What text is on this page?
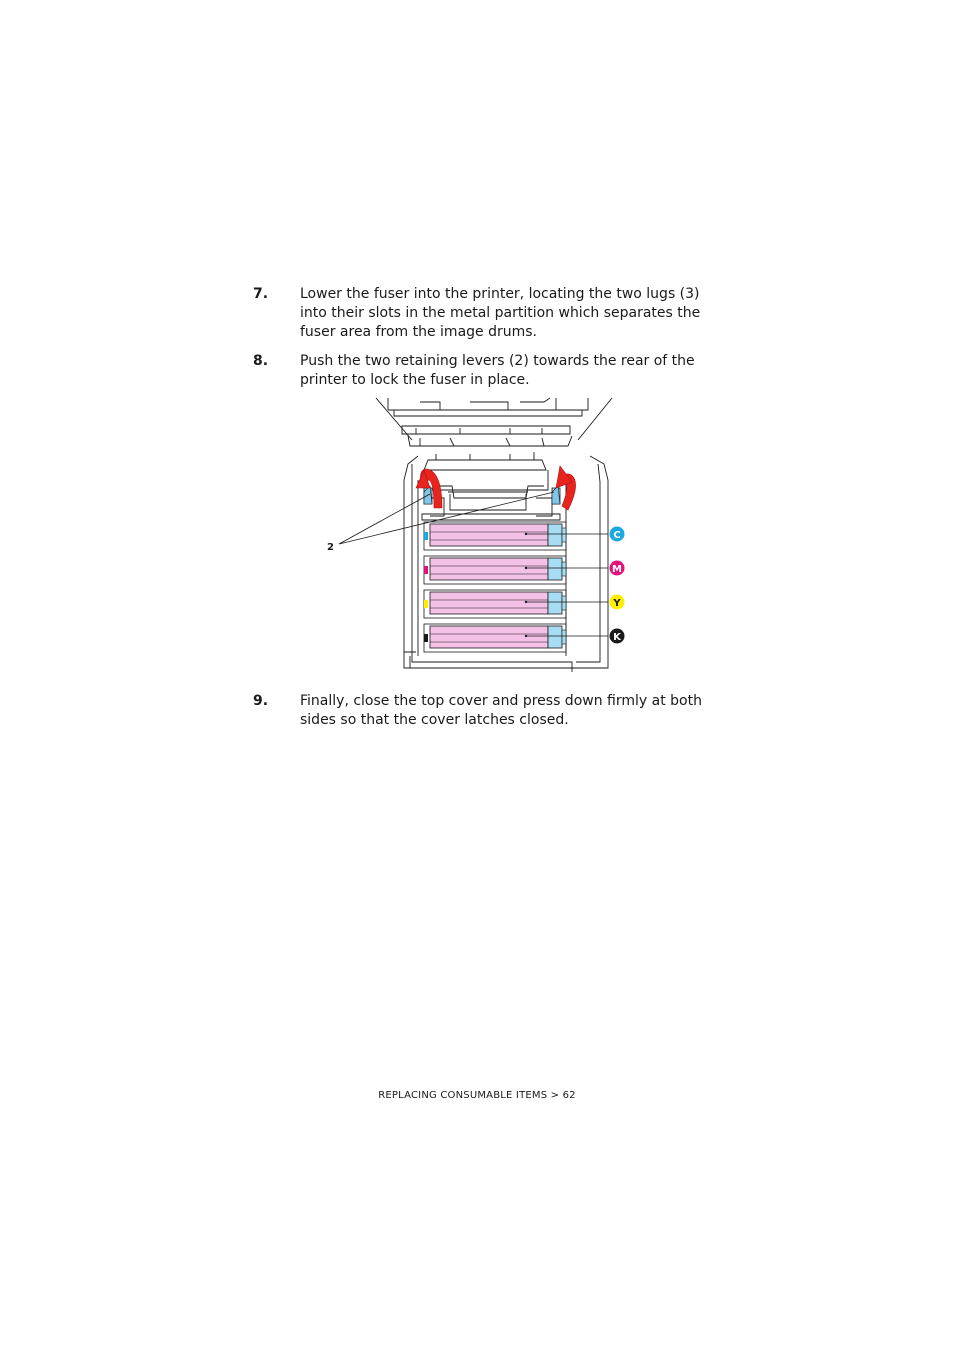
7. Lower the fuser into the printer, locating the two lugs (3) into their slots in the metal partition which separates the fuser area from the image drums.
8. Push the two retaining levers (2) towards the rear of the printer to lock the fuser in place.
2
C
M
Y
K
9. Finally, close the top cover and press down firmly at both sides so that the cover latches closed.
REPLACING CONSUMABLE ITEMS > 62
